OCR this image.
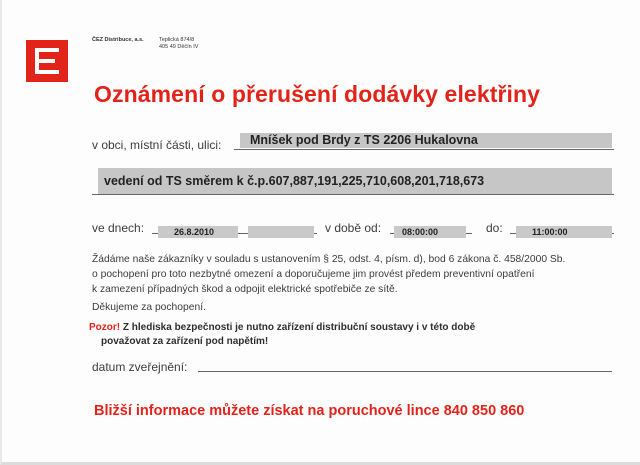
ČEZ Distribuce, a.s.	Teplická 874/8
405 49 Děčín IV
Oznámení o přerušení dodávky elektřiny
v obci, místní části, ulici:	Mníšek pod Brdy z TS 2206 Hukalovna
vedení od TS směrem k č.p.607,887,191,225,710,608,201,718,673
ve dnech:	26.8.2010	v době od:	08:00:00	do:	11:00:00
Žádáme naše zákazníky v souladu s ustanovením § 25, odst. 4, písm. d), bod 6 zákona č. 458/2000 Sb.
o pochopení pro toto nezbytné omezení a doporučujeme jim provést předem preventivní opatření
k zamezení případných škod a odpojit elektrické spotřebiče ze sítě.
Děkujeme za pochopení.
Pozor! Z hlediska bezpečnosti je nutno zařízení distribuční soustavy i v této době
považovat za zařízení pod napětím!
datum zveřejnění:
Bližší informace můžete získat na poruchové lince 840 850 860
